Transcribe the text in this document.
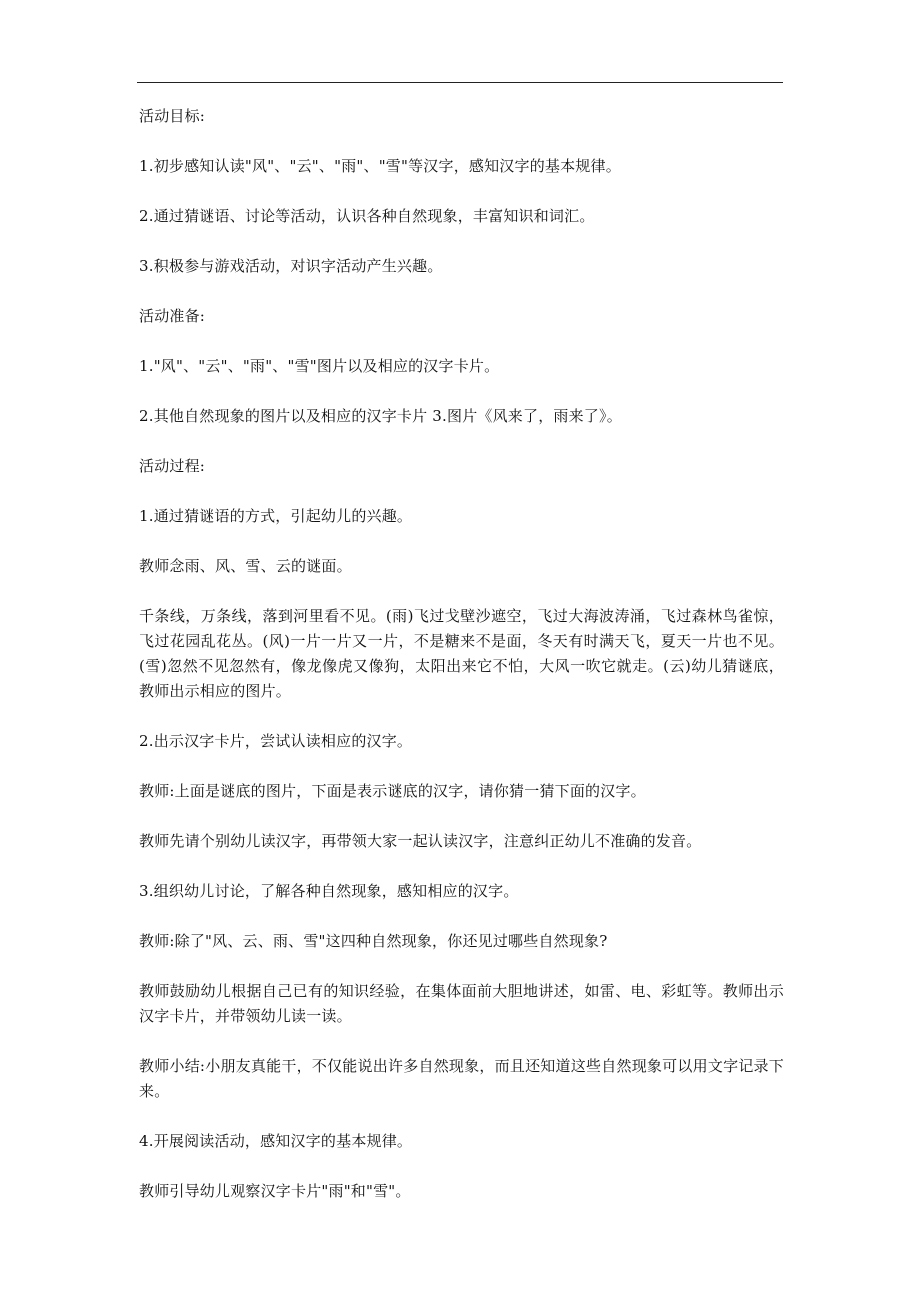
活动目标:

1.初步感知认读"风"、"云"、"雨"、"雪"等汉字，感知汉字的基本规律。

2.通过猜谜语、讨论等活动，认识各种自然现象，丰富知识和词汇。

3.积极参与游戏活动，对识字活动产生兴趣。

活动准备:

1."风"、"云"、"雨"、"雪"图片以及相应的汉字卡片。

2.其他自然现象的图片以及相应的汉字卡片 3.图片《风来了，雨来了》。

活动过程:

1.通过猜谜语的方式，引起幼儿的兴趣。

教师念雨、风、雪、云的谜面。

千条线，万条线，落到河里看不见。(雨)飞过戈壁沙遮空，飞过大海波涛涌，飞过森林鸟雀惊，飞过花园乱花丛。(风)一片一片又一片，不是糖来不是面，冬天有时满天飞，夏天一片也不见。(雪)忽然不见忽然有，像龙像虎又像狗，太阳出来它不怕，大风一吹它就走。(云)幼儿猜谜底，教师出示相应的图片。

2.出示汉字卡片，尝试认读相应的汉字。

教师:上面是谜底的图片，下面是表示谜底的汉字，请你猜一猜下面的汉字。

教师先请个别幼儿读汉字，再带领大家一起认读汉字，注意纠正幼儿不准确的发音。

3.组织幼儿讨论，了解各种自然现象，感知相应的汉字。

教师:除了"风、云、雨、雪"这四种自然现象，你还见过哪些自然现象?

教师鼓励幼儿根据自己已有的知识经验，在集体面前大胆地讲述，如雷、电、彩虹等。教师出示汉字卡片，并带领幼儿读一读。

教师小结:小朋友真能干，不仅能说出许多自然现象，而且还知道这些自然现象可以用文字记录下来。

4.开展阅读活动，感知汉字的基本规律。

教师引导幼儿观察汉字卡片"雨"和"雪"。
